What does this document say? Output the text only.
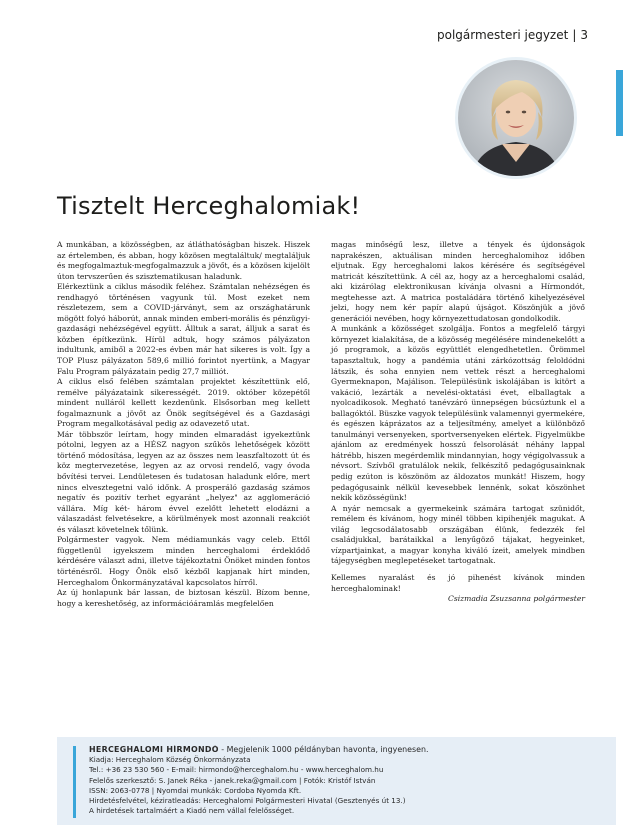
polgármesteri jegyzet | 3
Tisztelt Herceghalomiak!

A munkában, a közösségben, az átláthatóságban hiszek. Hiszek az értelemben, és abban, hogy közösen megtaláltuk/ megtaláljuk és megfogalmaztuk-megfogalmazzuk a jövőt, és a közösen kijelölt úton tervszerűen és szisztematikusan haladunk.

Elérkeztünk a ciklus második feléhez. Számtalan nehézségen és rendhagyó történésen vagyunk túl. Most ezeket nem részletezem, sem a COVID-járványt, sem az országhatárunk mögött folyó háborút, annak minden emberi-morális és pénzügyi-gazdasági nehézségével együtt. Álltuk a sarat, álljuk a sarat és közben építkezünk. Hírül adtuk, hogy számos pályázaton indultunk, amiből a 2022-es évben már hat sikeres is volt. Így a TOP Plusz pályázaton 589,6 millió forintot nyertünk, a Magyar Falu Program pályázatain pedig 27,7 milliót.

A ciklus első felében számtalan projektet készítettünk elő, remélve pályázataink sikerességét. 2019. október közepétől mindent nulláról kellett kezdenünk. Elsősorban meg kellett fogalmaznunk a jövőt az Önök segítségével és a Gazdasági Program megalkotásával pedig az odavezető utat.

Már többször leírtam, hogy minden elmaradást igyekeztünk pótolni, legyen az a HÉSZ nagyon szűkös lehetőségek között történő módosítása, legyen az az összes nem leaszfaltozott út és köz megtervezetése, legyen az az orvosi rendelő, vagy óvoda bővítési tervei. Lendületesen és tudatosan haladunk előre, mert nincs elvesztegetni való időnk. A prosperáló gazdaság számos negatív és pozitív terhet egyaránt „helyez" az agglomeráció vállára. Míg két- három évvel ezelőtt lehetett elodázni a válaszadást felvetésekre, a körülmények most azonnali reakciót és választ követelnek tőlünk.

Polgármester vagyok. Nem médiamunkás vagy celeb. Ettől függetlenül igyekszem minden herceghalomi érdeklődő kérdésére választ adni, illetve tájékoztatni Önöket minden fontos történésről. Hogy Önök első kézből kapjanak hírt minden, Herceghalom Önkormányzatával kapcsolatos hírről.

Az új honlapunk bár lassan, de biztosan készül. Bízom benne, hogy a kereshetőség, az információáramlás megfelelően

magas minőségű lesz, illetve a tények és újdonságok naprakészen, aktuálisan minden herceghalomihoz időben eljutnak. Egy herceghalomi lakos kérésére és segítségével matricát készítettünk. A cél az, hogy az a herceghalomi család, aki kizárólag elektronikusan kívánja olvasni a Hírmondót, megtehesse azt. A matrica postaládára történő kihelyezésével jelzi, hogy nem kér papír alapú újságot. Köszönjük a jövő generációi nevében, hogy környezettudatosan gondolkodik.

A munkánk a közösséget szolgálja. Fontos a megfelelő tárgyi környezet kialakítása, de a közösség megélésére mindenekelőtt a jó programok, a közös együttlét elengedhetetlen. Örömmel tapasztaltuk, hogy a pandémia utáni zárkózottság feloldódni látszik, és soha ennyien nem vettek részt a herceghalomi Gyermeknapon, Majálison. Településünk iskolájában is kitört a vakáció, lezárták a nevelési-oktatási évet, elballagtak a nyolcadikosok. Megható tanévzáró ünnepségen búcsúztunk el a ballagóktól. Büszke vagyok településünk valamennyi gyermekére, és egészen káprázatos az a teljesítmény, amelyet a különböző tanulmányi versenyeken, sportversenyeken elértek. Figyelmükbe ajánlom az eredmények hosszú felsorolását néhány lappal hátrébb, hiszen megérdemlik mindannyian, hogy végigolvassuk a névsort. Szívből gratulálok nekik, felkészítő pedagógusainknak pedig ezúton is köszönöm az áldozatos munkát! Hiszem, hogy pedagógusaink nélkül kevesebbek lennénk, sokat köszönhet nekik közösségünk!

A nyár nemcsak a gyermekeink számára tartogat szünidőt, remélem és kívánom, hogy minél többen kipihenjék magukat. A világ legcsodálatosabb országában élünk, fedezzék fel családjukkal, barátaikkal a lenyűgöző tájakat, hegyeinket, vízpartjainkat, a magyar konyha kiváló ízeit, amelyek mindben tájegységben meglepetéseket tartogatnak.

Kellemes nyaralást és jó pihenést kívánok minden herceghalominak!

Csizmadia Zsuzsanna polgármester

HERCEGHALOMI HÍRMONDÓ - Megjelenik 1000 példányban havonta, ingyenesen.
Kiadja: Herceghalom Község Önkormányzata
Tel.: +36 23 530 560 - E-mail: hirmondo@herceghalom.hu - www.herceghalom.hu
Felelős szerkesztő: S. Janek Réka - janek.reka@gmail.com | Fotók: Kristóf István
ISSN: 2063-0778 | Nyomdai munkák: Cordoba Nyomda Kft.
Hirdetésfelvétel, kéziratleadás: Herceghalomi Polgármesteri Hivatal (Gesztenyés út 13.)
A hirdetések tartalmáért a Kiadó nem vállal felelősséget.
